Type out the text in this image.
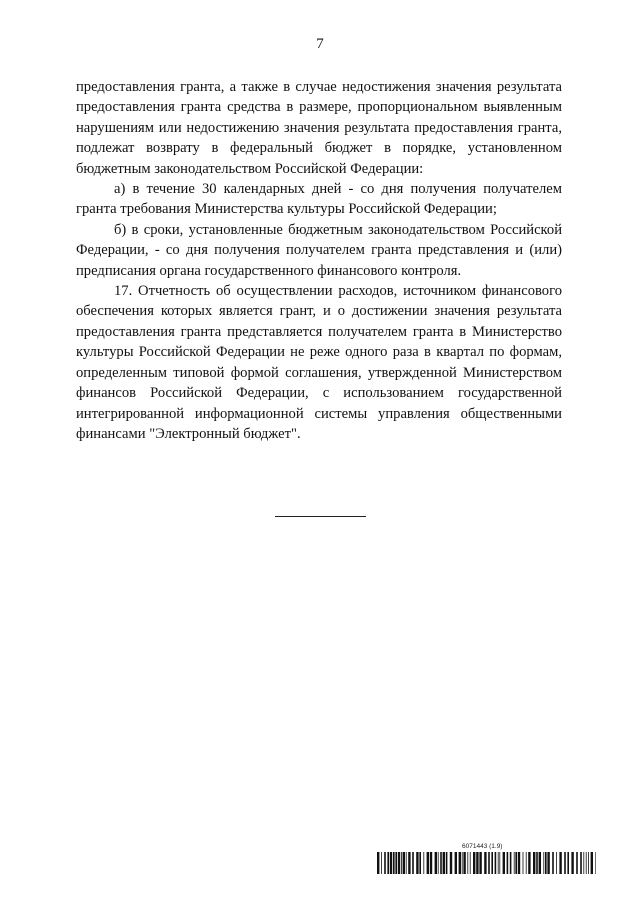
7

предоставления гранта, а также в случае недостижения значения результата предоставления гранта средства в размере, пропорциональном выявленным нарушениям или недостижению значения результата предоставления гранта, подлежат возврату в федеральный бюджет в порядке, установленном бюджетным законодательством Российской Федерации:

а) в течение 30 календарных дней - со дня получения получателем гранта требования Министерства культуры Российской Федерации;

б) в сроки, установленные бюджетным законодательством Российской Федерации, - со дня получения получателем гранта представления и (или) предписания органа государственного финансового контроля.

17. Отчетность об осуществлении расходов, источником финансового обеспечения которых является грант, и о достижении значения результата предоставления гранта представляется получателем гранта в Министерство культуры Российской Федерации не реже одного раза в квартал по формам, определенным типовой формой соглашения, утвержденной Министерством финансов Российской Федерации, с использованием государственной интегрированной информационной системы управления общественными финансами "Электронный бюджет".

6071443 (1.9)
